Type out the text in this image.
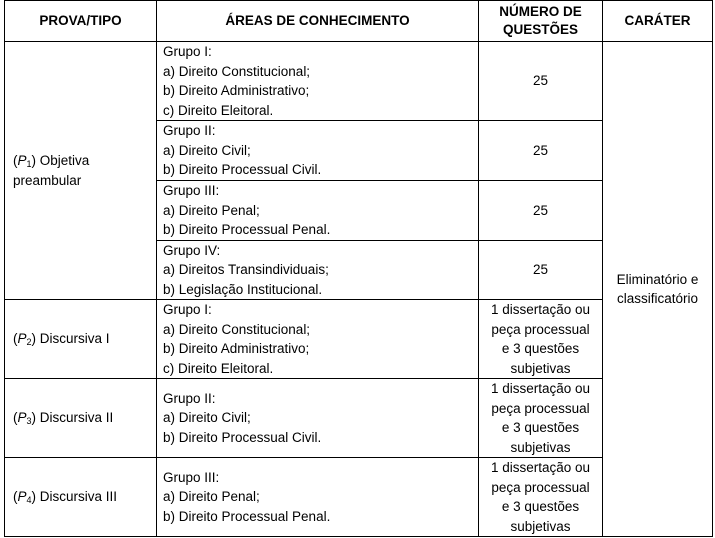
PROVA/TIPO	ÁREAS DE CONHECIMENTO	NÚMERO DE
QUESTÕES	CARÁTER

$(P_1)$ Objetiva
preambular	Grupo I:
a) Direito Constitucional;
b) Direito Administrativo;
c) Direito Eleitoral.	25	Eliminatório e
classificatório

	Grupo II:
a) Direito Civil;
b) Direito Processual Civil.	25	

	Grupo III:
a) Direito Penal;
b) Direito Processual Penal.	25	

	Grupo IV:
a) Direitos Transindividuais;
b) Legislação Institucional.	25	

$(P_2)$ Discursiva I	Grupo I:
a) Direito Constitucional;
b) Direito Administrativo;
c) Direito Eleitoral.	1 dissertação ou
peça processual
e 3 questões
subjetivas	

$(P_3)$ Discursiva II	Grupo II:
a) Direito Civil;
b) Direito Processual Civil.	1 dissertação ou
peça processual
e 3 questões
subjetivas	

$(P_4)$ Discursiva III	Grupo III:
a) Direito Penal;
b) Direito Processual Penal.	1 dissertação ou
peça processual
e 3 questões
subjetivas	
